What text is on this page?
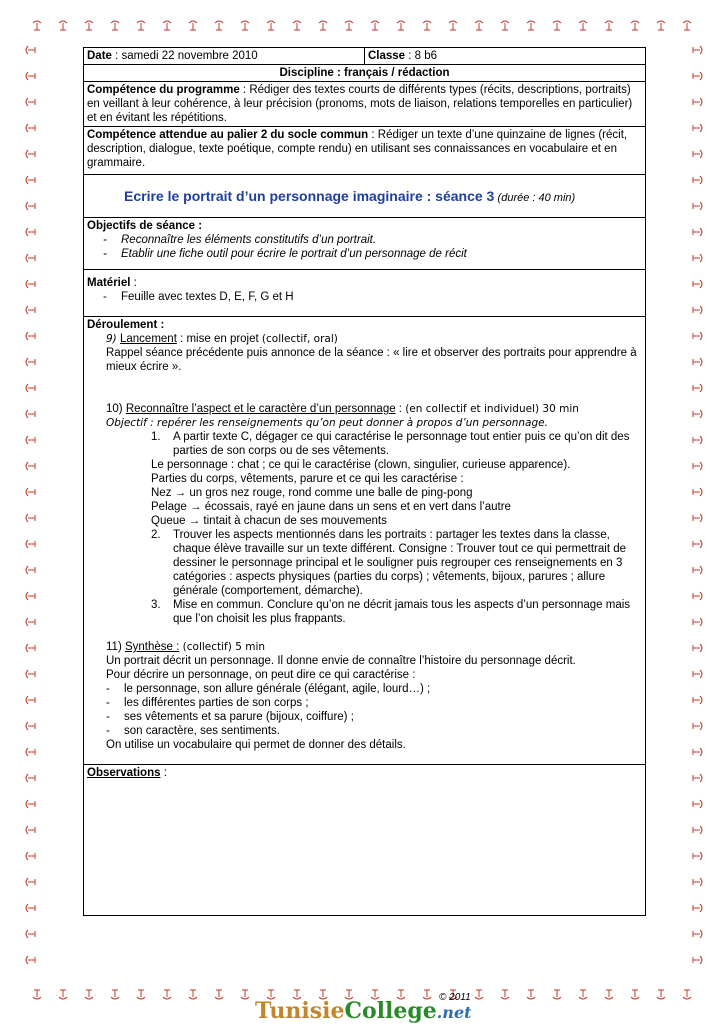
Date : samedi 22 novembre 2010	Classe : 8 b6
Discipline : français / rédaction
Compétence du programme : Rédiger des textes courts de différents types (récits, descriptions, portraits) en veillant à leur cohérence, à leur précision (pronoms, mots de liaison, relations temporelles en particulier) et en évitant les répétitions.
Compétence attendue au palier 2 du socle commun : Rédiger un texte d’une quinzaine de lignes (récit, description, dialogue, texte poétique, compte rendu) en utilisant ses connaissances en vocabulaire et en grammaire.
Ecrire le portrait d’un personnage imaginaire : séance 3 (durée : 40 min)

Objectifs de séance :
- Reconnaître les éléments constitutifs d’un portrait.
- Etablir une fiche outil pour écrire le portrait d’un personnage de récit

Matériel :
- Feuille avec textes D, E, F, G et H

Déroulement :
9) Lancement : mise en projet (collectif, oral)
Rappel séance précédente puis annonce de la séance : « lire et observer des portraits pour apprendre à mieux écrire ».
10) Reconnaître l’aspect et le caractère d’un personnage : (en collectif et individuel) 30 min
Objectif : repérer les renseignements qu’on peut donner à propos d’un personnage.
1. A partir texte C, dégager ce qui caractérise le personnage tout entier puis ce qu’on dit des parties de son corps ou de ses vêtements.
Le personnage : chat ; ce qui le caractérise (clown, singulier, curieuse apparence).
Parties du corps, vêtements, parure et ce qui les caractérise :
Nez → un gros nez rouge, rond comme une balle de ping-pong
Pelage → écossais, rayé en jaune dans un sens et en vert dans l’autre
Queue → tintait à chacun de ses mouvements
2. Trouver les aspects mentionnés dans les portraits : partager les textes dans la classe, chaque élève travaille sur un texte différent. Consigne : Trouver tout ce qui permettrait de dessiner le personnage principal et le souligner puis regrouper ces renseignements en 3 catégories : aspects physiques (parties du corps) ; vêtements, bijoux, parures ; allure générale (comportement, démarche).
3. Mise en commun. Conclure qu’on ne décrit jamais tous les aspects d’un personnage mais que l’on choisit les plus frappants.
11) Synthèse : (collectif) 5 min
Un portrait décrit un personnage. Il donne envie de connaître l’histoire du personnage décrit.
Pour décrire un personnage, on peut dire ce qui caractérise :
- le personnage, son allure générale (élégant, agile, lourd…) ;
- les différentes parties de son corps ;
- ses vêtements et sa parure (bijoux, coiffure) ;
- son caractère, ses sentiments.
On utilise un vocabulaire qui permet de donner des détails.

Observations :
TunisieCollege.net
© 2011
